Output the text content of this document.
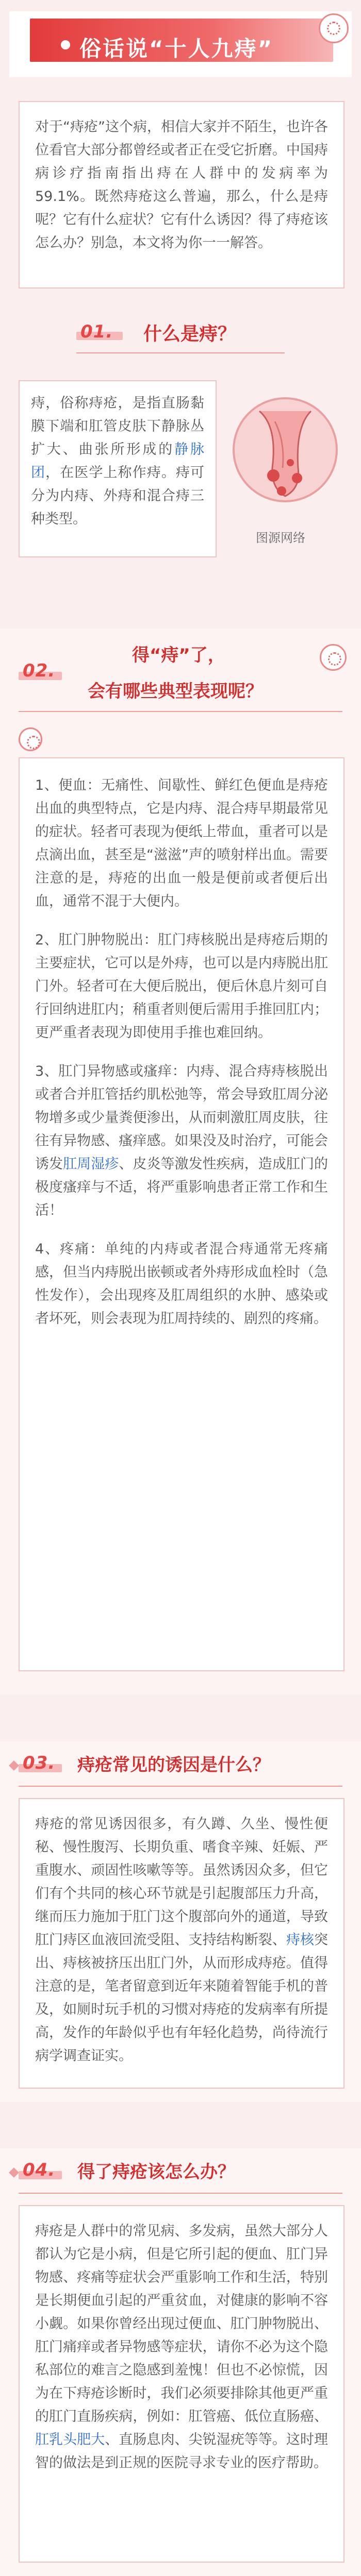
俗话说“十人九痔”
对于“痔疮”这个病，相信大家并不陌生，也许各位看官大部分都曾经或者正在受它折磨。中国痔病诊疗指南指出痔在人群中的发病率为59.1%。既然痔疮这么普遍，那么，什么是痔呢？它有什么症状？它有什么诱因？得了痔疮该怎么办？别急，本文将为你一一解答。
01. 什么是痔？
痔，俗称痔疮，是指直肠黏膜下端和肛管皮肤下静脉丛扩大、曲张所形成的静脉团，在医学上称作痔。痔可分为内痔、外痔和混合痔三种类型。
图源网络
02.
得“痔”了，
会有哪些典型表现呢？
1、便血：无痛性、间歇性、鲜红色便血是痔疮出血的典型特点，它是内痔、混合痔早期最常见的症状。轻者可表现为便纸上带血，重者可以是点滴出血，甚至是“滋滋”声的喷射样出血。需要注意的是，痔疮的出血一般是便前或者便后出血，通常不混于大便内。
2、肛门肿物脱出：肛门痔核脱出是痔疮后期的主要症状，它可以是外痔，也可以是内痔脱出肛门外。轻者可在大便后脱出，便后休息片刻可自行回纳进肛内；稍重者则便后需用手推回肛内；更严重者表现为即使用手推也难回纳。
3、肛门异物感或瘙痒：内痔、混合痔痔核脱出或者合并肛管括约肌松弛等，常会导致肛周分泌物增多或少量粪便渗出，从而刺激肛周皮肤，往往有异物感、瘙痒感。如果没及时治疗，可能会诱发肛周湿疹、皮炎等激发性疾病，造成肛门的极度瘙痒与不适，将严重影响患者正常工作和生活！
4、疼痛：单纯的内痔或者混合痔通常无疼痛感，但当内痔脱出嵌顿或者外痔形成血栓时（急性发作），会出现疼及肛周组织的水肿、感染或者坏死，则会表现为肛周持续的、剧烈的疼痛。
03. 痔疮常见的诱因是什么？
痔疮的常见诱因很多，有久蹲、久坐、慢性便秘、慢性腹泻、长期负重、嗜食辛辣、妊娠、严重腹水、顽固性咳嗽等等。虽然诱因众多，但它们有个共同的核心环节就是引起腹部压力升高，继而压力施加于肛门这个腹部向外的通道，导致肛门痔区血液回流受阻、支持结构断裂、痔核突出、痔核被挤压出肛门外，从而形成痔疮。值得注意的是，笔者留意到近年来随着智能手机的普及，如厕时玩手机的习惯对痔疮的发病率有所提高，发作的年龄似乎也有年轻化趋势，尚待流行病学调查证实。
04. 得了痔疮该怎么办？
痔疮是人群中的常见病、多发病，虽然大部分人都认为它是小病，但是它所引起的便血、肛门异物感、疼痛等症状会严重影响工作和生活，特别是长期便血引起的严重贫血，对健康的影响不容小觑。如果你曾经出现过便血、肛门肿物脱出、肛门痛痒或者异物感等症状，请你不必为这个隐私部位的难言之隐感到羞愧！但也不必惊慌，因为在下痔疮诊断时，我们必须要排除其他更严重的肛门直肠疾病，例如：肛管癌、低位直肠癌、肛乳头肥大、直肠息肉、尖锐湿疣等等。这时理智的做法是到正规的医院寻求专业的医疗帮助。
